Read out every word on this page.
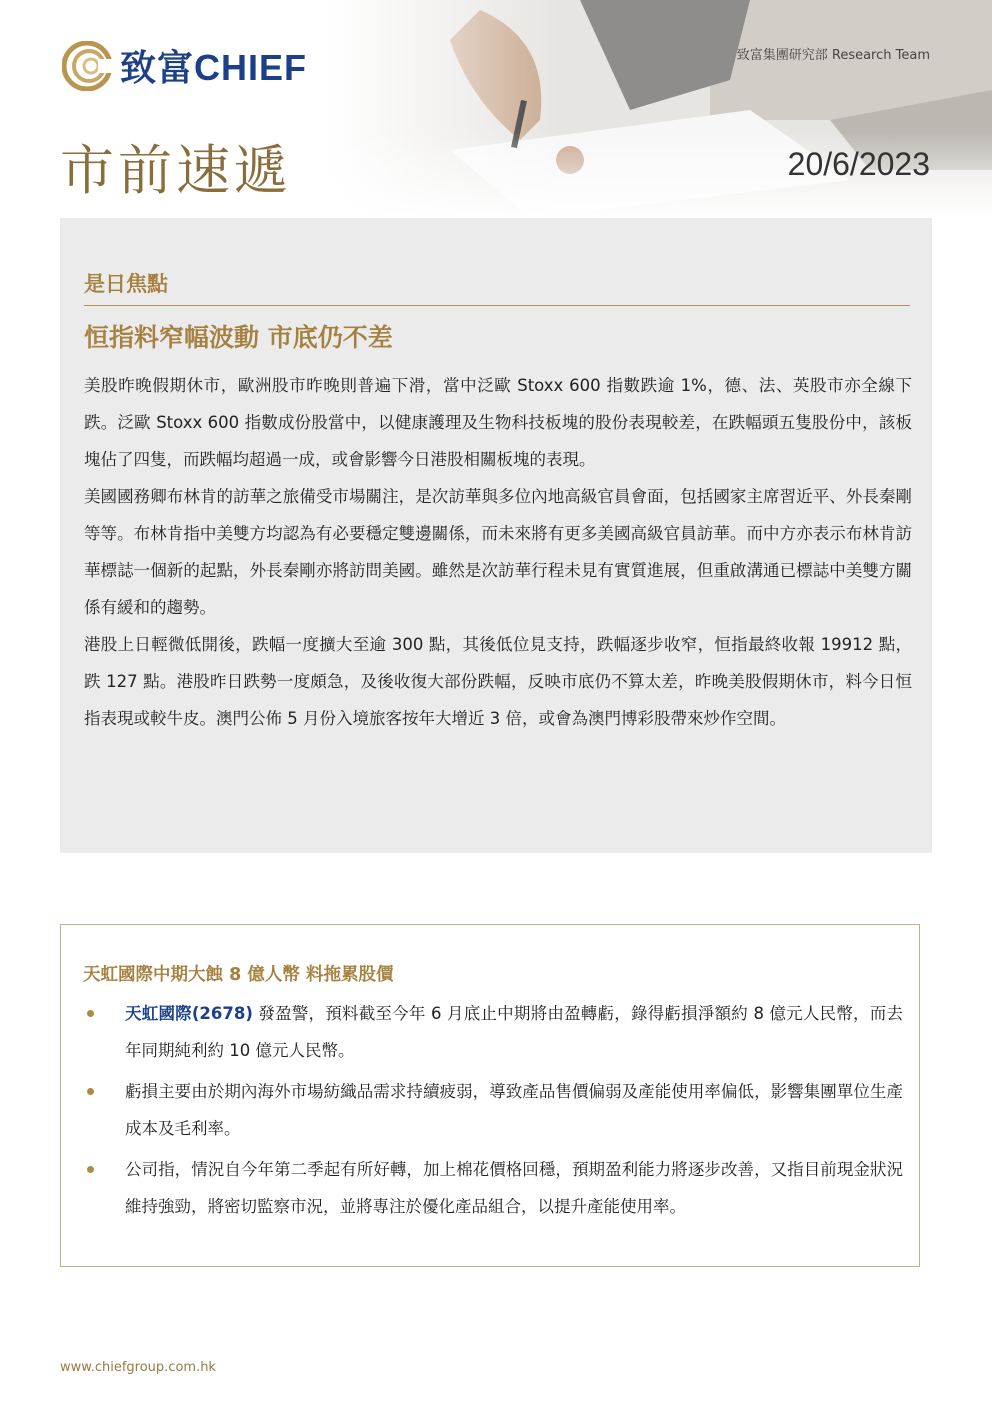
致富CHIEF	致富集團研究部 Research Team
市前速遞	20/6/2023
是日焦點
恒指料窄幅波動 市底仍不差

美股昨晚假期休市，歐洲股市昨晚則普遍下滑，當中泛歐 Stoxx 600 指數跌逾 1%，德、法、英股市亦全線下跌。泛歐 Stoxx 600 指數成份股當中，以健康護理及生物科技板塊的股份表現較差，在跌幅頭五隻股份中，該板塊佔了四隻，而跌幅均超過一成，或會影響今日港股相關板塊的表現。

美國國務卿布林肯的訪華之旅備受市場關注，是次訪華與多位內地高級官員會面，包括國家主席習近平、外長秦剛等等。布林肯指中美雙方均認為有必要穩定雙邊關係，而未來將有更多美國高級官員訪華。而中方亦表示布林肯訪華標誌一個新的起點，外長秦剛亦將訪問美國。雖然是次訪華行程未見有實質進展，但重啟溝通已標誌中美雙方關係有緩和的趨勢。

港股上日輕微低開後，跌幅一度擴大至逾 300 點，其後低位見支持，跌幅逐步收窄，恒指最終收報 19912 點，跌 127 點。港股昨日跌勢一度頗急，及後收復大部份跌幅，反映市底仍不算太差，昨晚美股假期休市，料今日恒指表現或較牛皮。澳門公佈 5 月份入境旅客按年大增近 3 倍，或會為澳門博彩股帶來炒作空間。

天虹國際中期大蝕 8 億人幣 料拖累股價
天虹國際(2678) 發盈警，預料截至今年 6 月底止中期將由盈轉虧，錄得虧損淨額約 8 億元人民幣，而去年同期純利約 10 億元人民幣。
虧損主要由於期內海外市場紡織品需求持續疲弱，導致產品售價偏弱及產能使用率偏低，影響集團單位生產成本及毛利率。
公司指，情況自今年第二季起有所好轉，加上棉花價格回穩，預期盈利能力將逐步改善，又指目前現金狀況維持強勁，將密切監察市況，並將專注於優化產品組合，以提升產能使用率。
www.chiefgroup.com.hk
